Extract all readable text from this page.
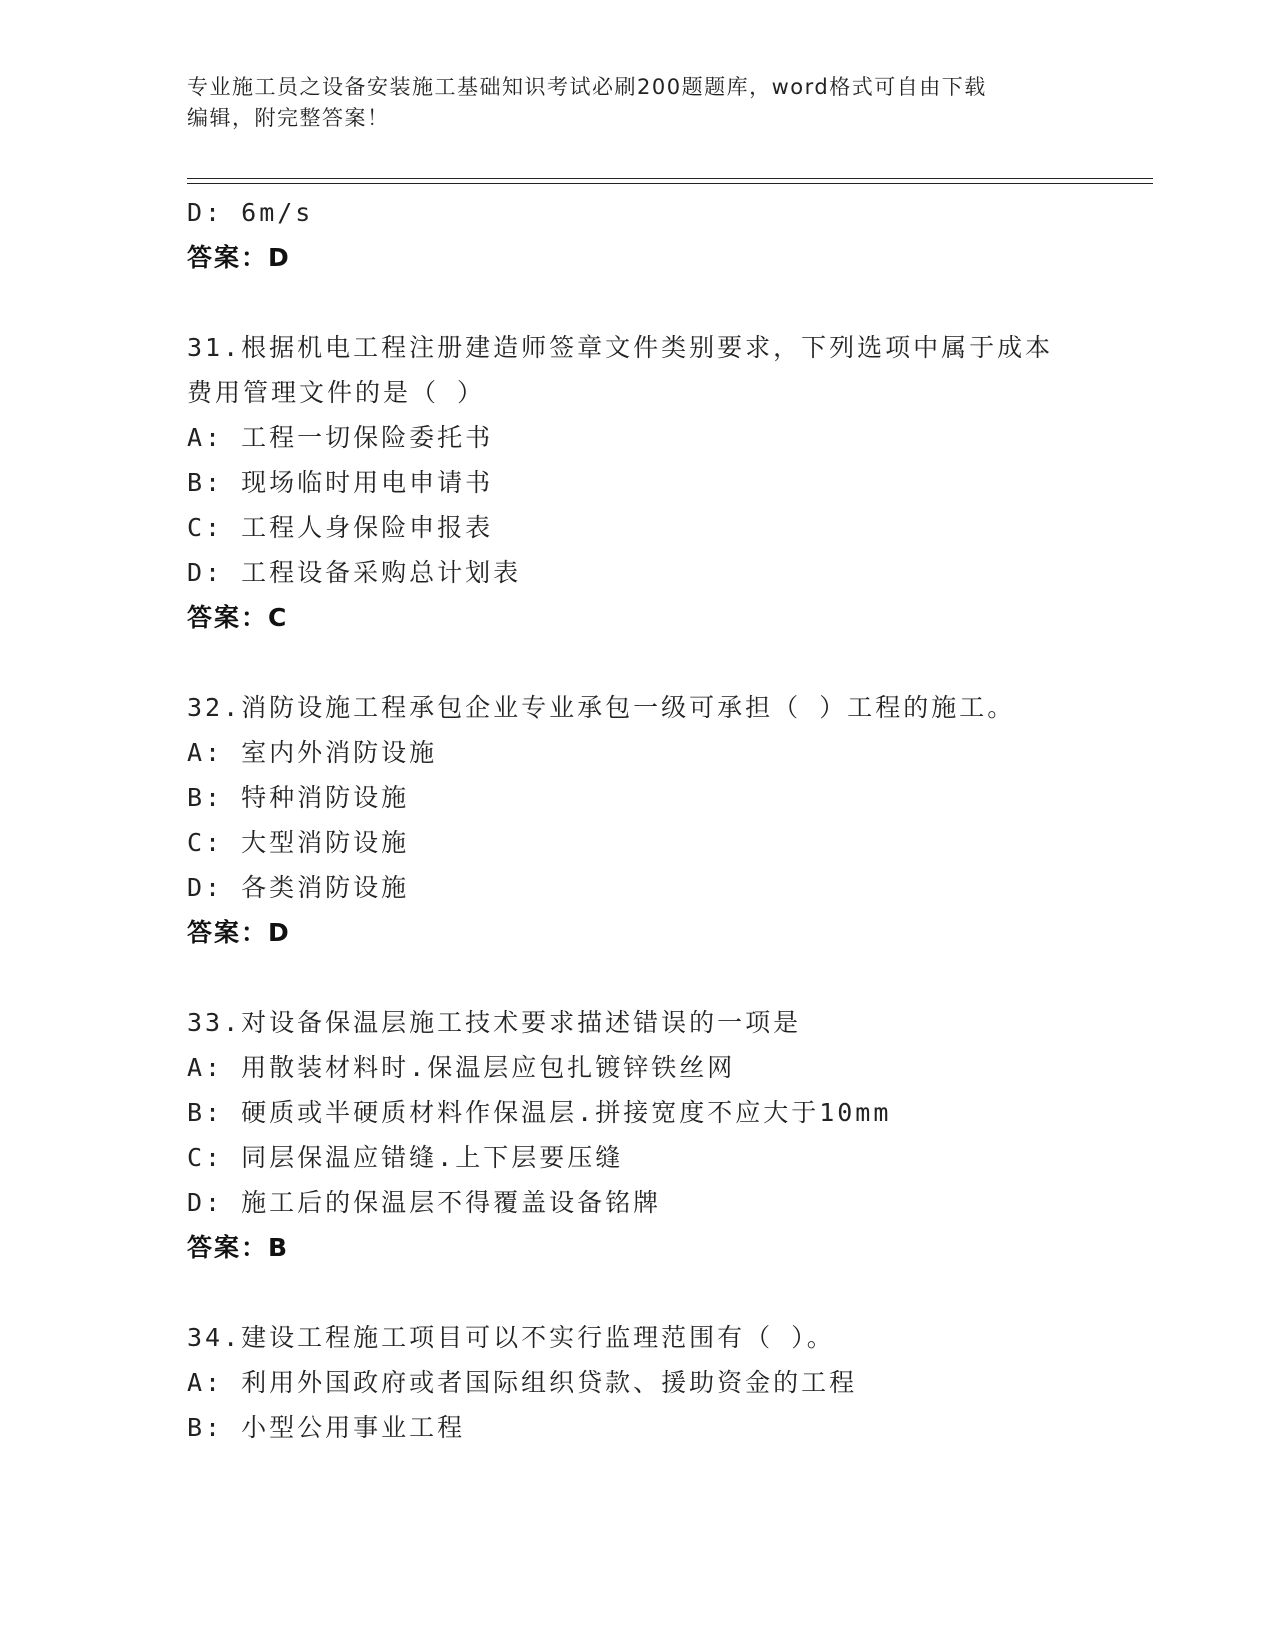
专业施工员之设备安装施工基础知识考试必刷200题题库，word格式可自由下载
编辑，附完整答案！
D: 6m/s
答案：D
31.根据机电工程注册建造师签章文件类别要求，下列选项中属于成本
费用管理文件的是（ ）
A: 工程一切保险委托书
B: 现场临时用电申请书
C: 工程人身保险申报表
D: 工程设备采购总计划表
答案：C
32.消防设施工程承包企业专业承包一级可承担（ ）工程的施工。
A: 室内外消防设施
B: 特种消防设施
C: 大型消防设施
D: 各类消防设施
答案：D
33.对设备保温层施工技术要求描述错误的一项是
A: 用散装材料时.保温层应包扎镀锌铁丝网
B: 硬质或半硬质材料作保温层.拼接宽度不应大于10mm
C: 同层保温应错缝.上下层要压缝
D: 施工后的保温层不得覆盖设备铭牌
答案：B
34.建设工程施工项目可以不实行监理范围有（ ）。
A: 利用外国政府或者国际组织贷款、援助资金的工程
B: 小型公用事业工程
